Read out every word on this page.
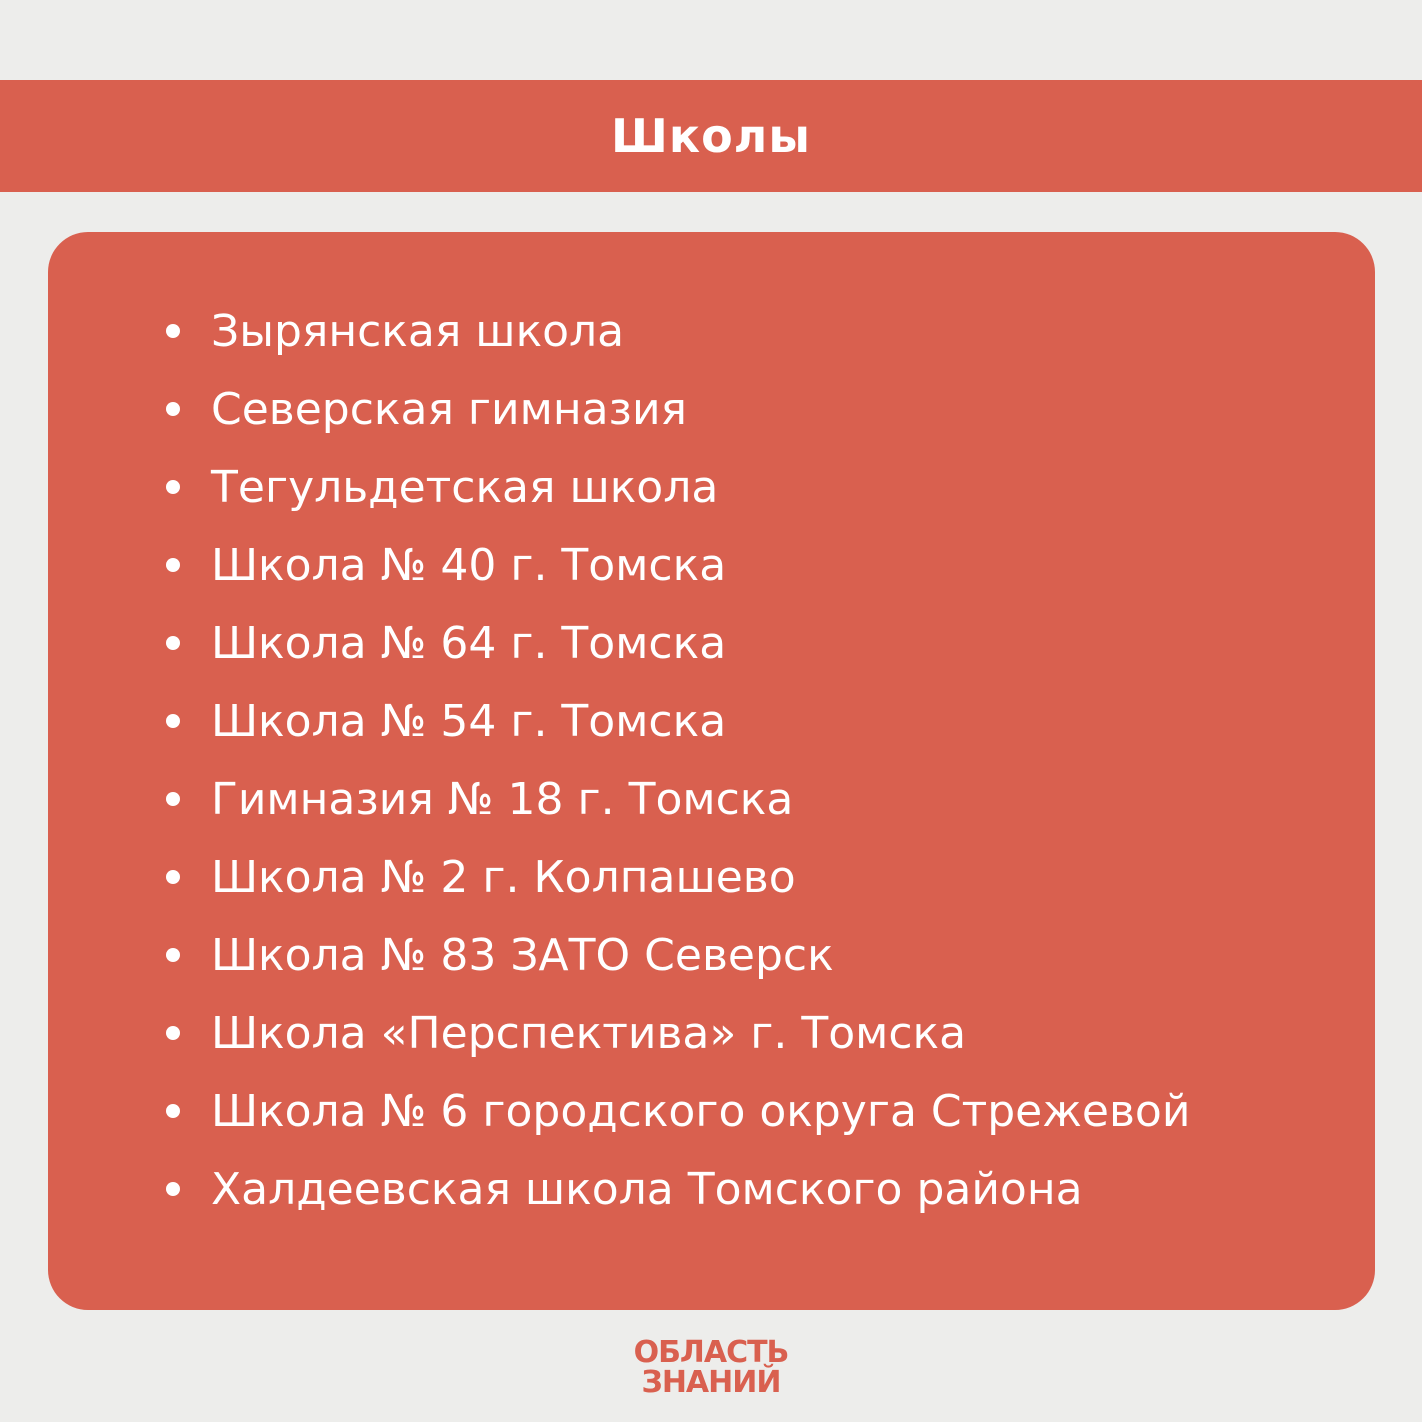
Школы
Зырянская школа
Северская гимназия
Тегульдетская школа
Школа № 40 г. Томска
Школа № 64 г. Томска
Школа № 54 г. Томска
Гимназия № 18 г. Томска
Школа № 2 г. Колпашево
Школа № 83 ЗАТО Северск
Школа «Перспектива» г. Томска
Школа № 6 городского округа Стрежевой
Халдеевская школа Томского района
ОБЛАСТЬ
ЗНАНИЙ
